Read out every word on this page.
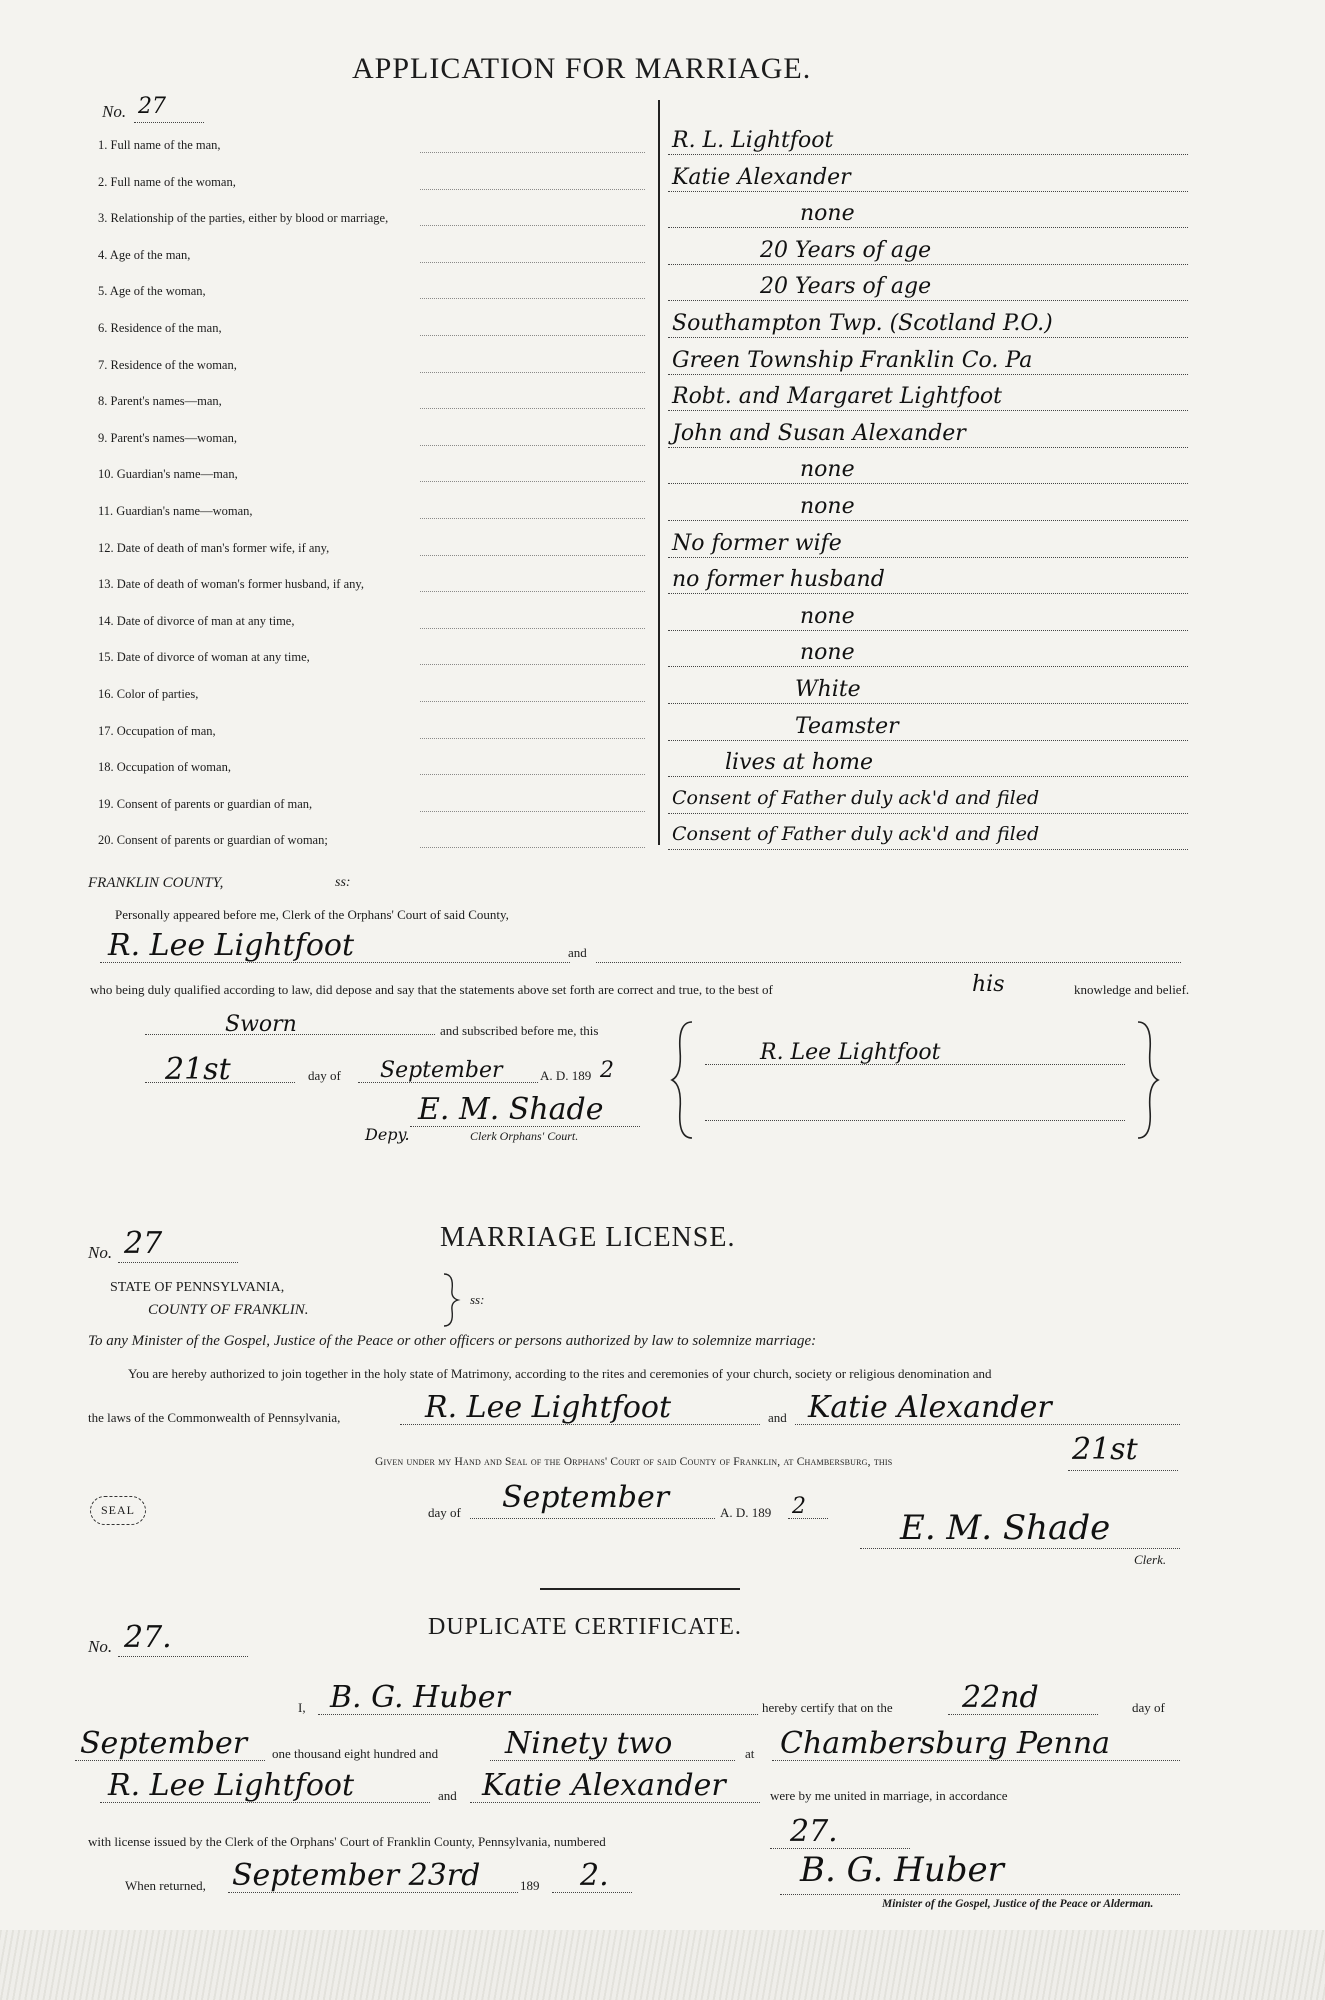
APPLICATION FOR MARRIAGE.
No. 27
1. Full name of the man,	R. L. Lightfoot
2. Full name of the woman,	Katie Alexander
3. Relationship of the parties, either by blood or marriage,	none
4. Age of the man,	20 Years of age
5. Age of the woman,	20 Years of age
6. Residence of the man,	Southampton Twp. (Scotland P.O.)
7. Residence of the woman,	Green Township Franklin Co. Pa
8. Parent's names—man,	Robt. and Margaret Lightfoot
9. Parent's names—woman,	John and Susan Alexander
10. Guardian's name—man,	none
11. Guardian's name—woman,	none
12. Date of death of man's former wife, if any,	No former wife
13. Date of death of woman's former husband, if any,	no former husband
14. Date of divorce of man at any time,	none
15. Date of divorce of woman at any time,	none
16. Color of parties,	White
17. Occupation of man,	Teamster
18. Occupation of woman,	lives at home
19. Consent of parents or guardian of man,	Consent of Father duly ack'd and filed
20. Consent of parents or guardian of woman;	Consent of Father duly ack'd and filed
FRANKLIN COUNTY,	ss:
Personally appeared before me, Clerk of the Orphans' Court of said County,
R. Lee Lightfoot	and
who being duly qualified according to law, did depose and say that the statements above set forth are correct and true, to the best of	his	knowledge and belief.
Sworn	and subscribed before me, this
21st	day of September	A. D. 189 2
E. M. Shade
Depy.	Clerk Orphans' Court.
R. Lee Lightfoot
No. 27	MARRIAGE LICENSE.
STATE OF PENNSYLVANIA,
COUNTY OF FRANKLIN.
ss:
To any Minister of the Gospel, Justice of the Peace or other officers or persons authorized by law to solemnize marriage:
You are hereby authorized to join together in the holy state of Matrimony, according to the rites and ceremonies of your church, society or religious denomination and
the laws of the Commonwealth of Pennsylvania,	R. Lee Lightfoot	and Katie Alexander
Given under my Hand and Seal of the Orphans' Court of said County of Franklin, at Chambersburg, this	21st
SEAL	day of September	A. D. 189 2
E. M. Shade
Clerk.
No. 27.	DUPLICATE CERTIFICATE.
I, B. G. Huber	hereby certify that on the 22nd	day of
September one thousand eight hundred and Ninety two	at Chambersburg Penna
R. Lee Lightfoot	and Katie Alexander	were by me united in marriage, in accordance
with license issued by the Clerk of the Orphans' Court of Franklin County, Pennsylvania, numbered	27.
When returned, September 23rd	189 2.	B. G. Huber
Minister of the Gospel, Justice of the Peace or Alderman.
